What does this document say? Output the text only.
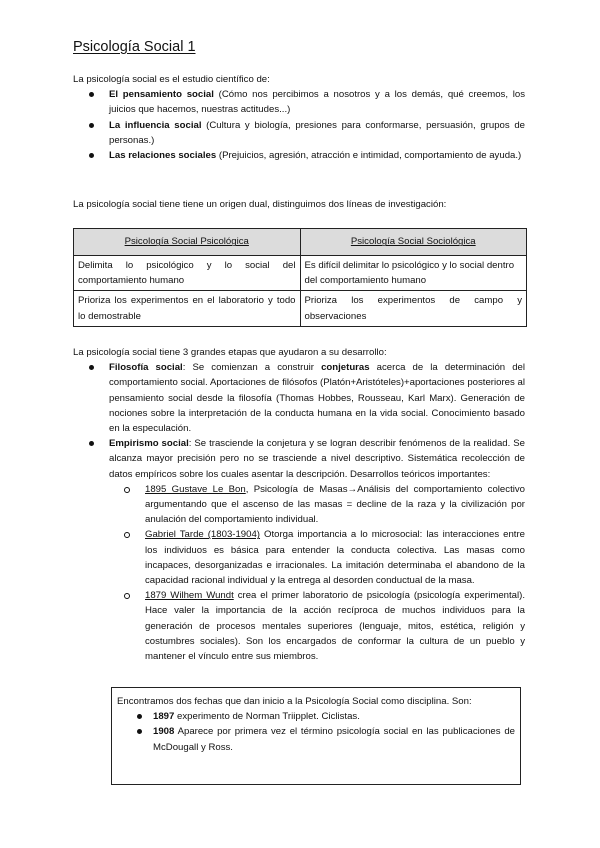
Psicología Social 1

La psicología social es el estudio científico de:

El pensamiento social (Cómo nos percibimos a nosotros y a los demás, qué creemos, los juicios que hacemos, nuestras actitudes...)
La influencia social (Cultura y biología, presiones para conformarse, persuasión, grupos de personas.)
Las relaciones sociales (Prejuicios, agresión, atracción e intimidad, comportamiento de ayuda.)

La psicología social tiene tiene un origen dual, distinguimos dos líneas de investigación:

Psicología Social Psicológica	Psicología Social Sociológica
Delimita lo psicológico y lo social del comportamiento humano	Es difícil delimitar lo psicológico y lo social dentro del comportamiento humano
Prioriza los experimentos en el laboratorio y todo lo demostrable	Prioriza los experimentos de campo y observaciones

La psicología social tiene 3 grandes etapas que ayudaron a su desarrollo:

Filosofía social: Se comienzan a construir conjeturas acerca de la determinación del comportamiento social. Aportaciones de filósofos (Platón+Aristóteles)+aportaciones posteriores al pensamiento social desde la filosofía (Thomas Hobbes, Rousseau, Karl Marx). Generación de nociones sobre la interpretación de la conducta humana en la vida social. Conocimiento basado en la especulación.
Empirismo social: Se trasciende la conjetura y se logran describir fenómenos de la realidad. Se alcanza mayor precisión pero no se trasciende a nivel descriptivo. Sistemática recolección de datos empíricos sobre los cuales asentar la descripción. Desarrollos teóricos importantes:
1895 Gustave Le Bon, Psicología de Masas→Análisis del comportamiento colectivo argumentando que el ascenso de las masas = decline de la raza y la civilización por anulación del comportamiento individual.
Gabriel Tarde (1803-1904) Otorga importancia a lo microsocial: las interacciones entre los individuos es básica para entender la conducta colectiva. Las masas como incapaces, desorganizadas e irracionales. La imitación determinaba el abandono de la capacidad racional individual y la entrega al desorden conductual de la masa.
1879 Wilhem Wundt crea el primer laboratorio de psicología (psicología experimental). Hace valer la importancia de la acción recíproca de muchos individuos para la generación de procesos mentales superiores (lenguaje, mitos, estética, religión y costumbres sociales). Son los encargados de conformar la cultura de un pueblo y mantener el vínculo entre sus miembros.

Encontramos dos fechas que dan inicio a la Psicología Social como disciplina. Son:

1897 experimento de Norman Triipplet. Ciclistas.
1908 Aparece por primera vez el término psicología social en las publicaciones de McDougall y Ross.
